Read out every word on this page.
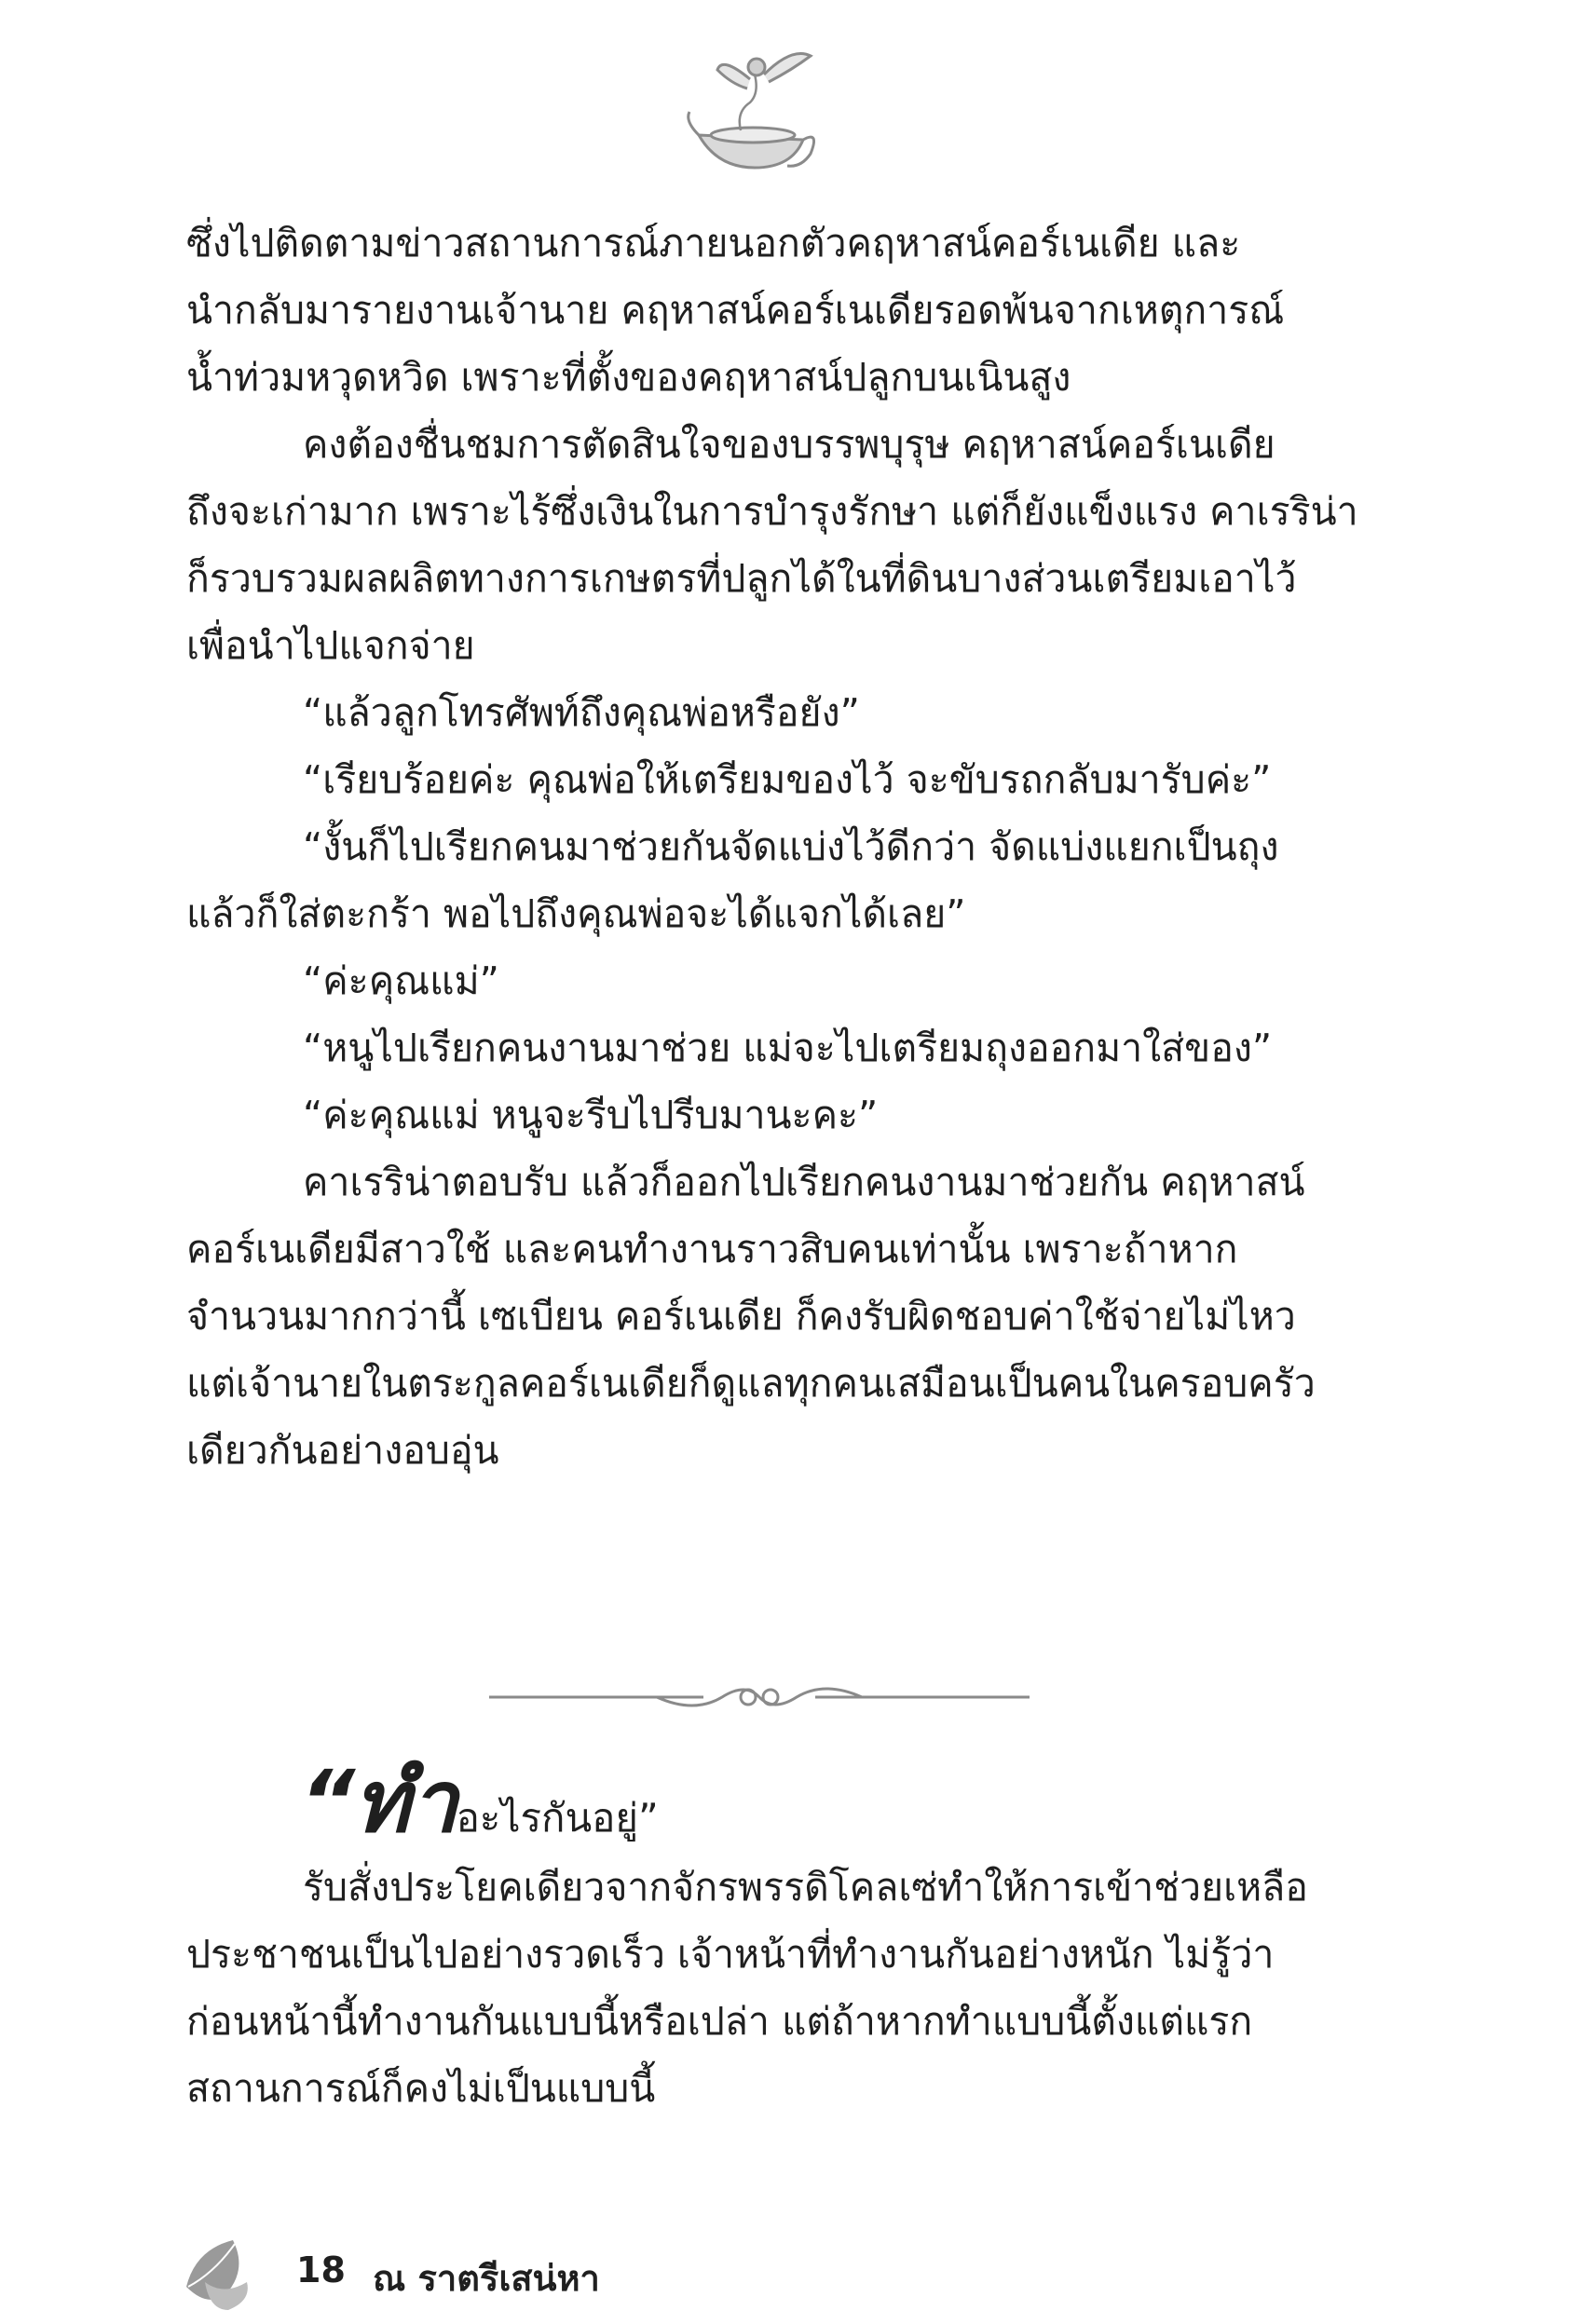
ซึ่งไปติดตามข่าวสถานการณ์ภายนอกตัวคฤหาสน์คอร์เนเดีย และ
นำกลับมารายงานเจ้านาย คฤหาสน์คอร์เนเดียรอดพ้นจากเหตุการณ์
น้ำท่วมหวุดหวิด เพราะที่ตั้งของคฤหาสน์ปลูกบนเนินสูง
คงต้องชื่นชมการตัดสินใจของบรรพบุรุษ คฤหาสน์คอร์เนเดีย
ถึงจะเก่ามาก เพราะไร้ซึ่งเงินในการบำรุงรักษา แต่ก็ยังแข็งแรง คาเรริน่า
ก็รวบรวมผลผลิตทางการเกษตรที่ปลูกได้ในที่ดินบางส่วนเตรียมเอาไว้
เพื่อนำไปแจกจ่าย
“แล้วลูกโทรศัพท์ถึงคุณพ่อหรือยัง”
“เรียบร้อยค่ะ คุณพ่อให้เตรียมของไว้ จะขับรถกลับมารับค่ะ”
“งั้นก็ไปเรียกคนมาช่วยกันจัดแบ่งไว้ดีกว่า จัดแบ่งแยกเป็นถุง
แล้วก็ใส่ตะกร้า พอไปถึงคุณพ่อจะได้แจกได้เลย”
“ค่ะคุณแม่”
“หนูไปเรียกคนงานมาช่วย แม่จะไปเตรียมถุงออกมาใส่ของ”
“ค่ะคุณแม่ หนูจะรีบไปรีบมานะคะ”
คาเรริน่าตอบรับ แล้วก็ออกไปเรียกคนงานมาช่วยกัน คฤหาสน์
คอร์เนเดียมีสาวใช้ และคนทำงานราวสิบคนเท่านั้น เพราะถ้าหาก
จำนวนมากกว่านี้ เซเบียน คอร์เนเดีย ก็คงรับผิดชอบค่าใช้จ่ายไม่ไหว
แต่เจ้านายในตระกูลคอร์เนเดียก็ดูแลทุกคนเสมือนเป็นคนในครอบครัว
เดียวกันอย่างอบอุ่น
“ทำอะไรกันอยู่”
รับสั่งประโยคเดียวจากจักรพรรดิโคลเซ่ทำให้การเข้าช่วยเหลือ
ประชาชนเป็นไปอย่างรวดเร็ว เจ้าหน้าที่ทำงานกันอย่างหนัก ไม่รู้ว่า
ก่อนหน้านี้ทำงานกันแบบนี้หรือเปล่า แต่ถ้าหากทำแบบนี้ตั้งแต่แรก
สถานการณ์ก็คงไม่เป็นแบบนี้
18 ณ ราตรีเสน่หา
